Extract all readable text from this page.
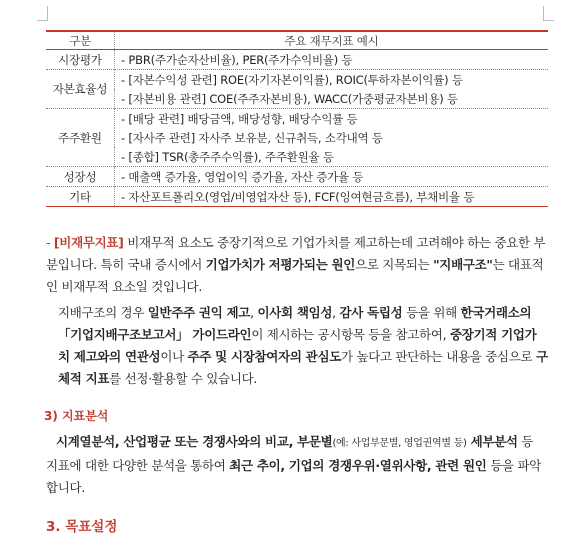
구분	주요 재무지표 예시
시장평가	- PBR(주가순자산비율), PER(주가수익비율) 등
자본효율성	- [자본수익성 관련] ROE(자기자본이익률), ROIC(투하자본이익률) 등
	- [자본비용 관련] COE(주주자본비용), WACC(가중평균자본비용) 등
주주환원	- [배당 관련] 배당금액, 배당성향, 배당수익률 등
	- [자사주 관련] 자사주 보유분, 신규취득, 소각내역 등
	- [종합] TSR(총주주수익률), 주주환원율 등
성장성	- 매출액 증가율, 영업이익 증가율, 자산 증가율 등
기타	- 자산포트폴리오(영업/비영업자산 등), FCF(잉여현금흐름), 부채비율 등
- [비재무지표] 비재무적 요소도 중장기적으로 기업가치를 제고하는데 고려해야 하는 중요한 부분입니다. 특히 국내 증시에서 기업가치가 저평가되는 원인으로 지목되는 "지배구조"는 대표적인 비재무적 요소일 것입니다.
지배구조의 경우 일반주주 권익 제고, 이사회 책임성, 감사 독립성 등을 위해 한국거래소의 「기업지배구조보고서」 가이드라인이 제시하는 공시항목 등을 참고하여, 중장기적 기업가치 제고와의 연관성이나 주주 및 시장참여자의 관심도가 높다고 판단하는 내용을 중심으로 구체적 지표를 선정·활용할 수 있습니다.
3) 지표분석
시계열분석, 산업평균 또는 경쟁사와의 비교, 부문별(예: 사업부문별, 영업권역별 등) 세부분석 등 지표에 대한 다양한 분석을 통하여 최근 추이, 기업의 경쟁우위·열위사항, 관련 원인 등을 파악합니다.
3. 목표설정
